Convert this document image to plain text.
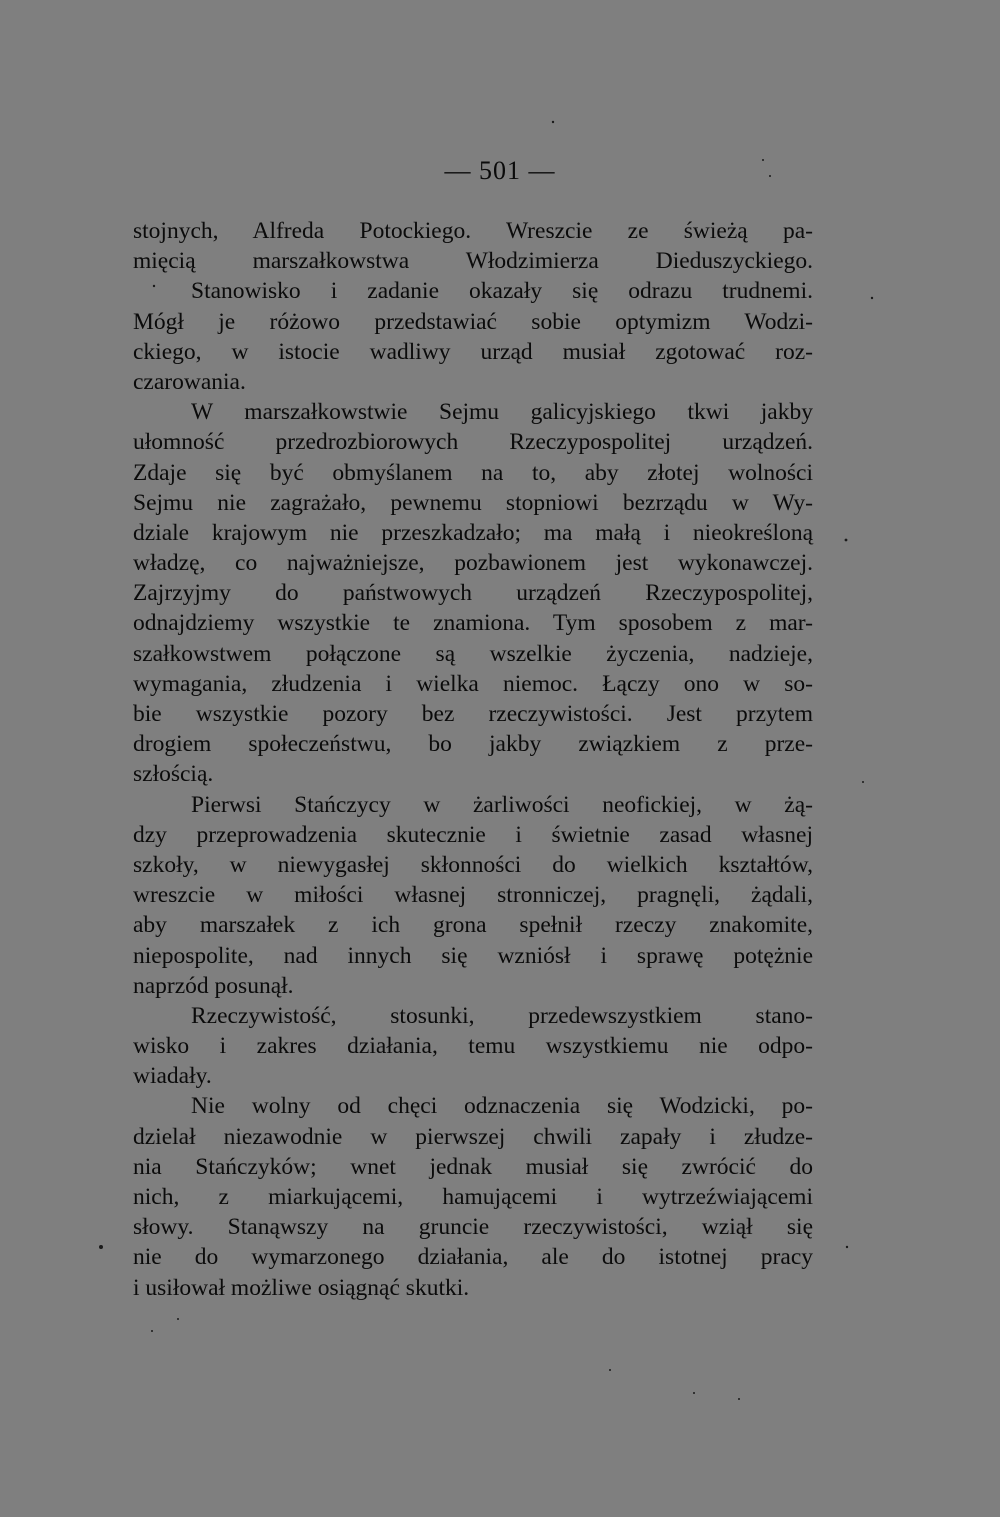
— 501 —
stojnych, Alfreda Potockiego. Wreszcie ze świeżą pa-
mięcią marszałkowstwa Włodzimierza Dieduszyckiego.
Stanowisko i zadanie okazały się odrazu trudnemi.
Mógł je różowo przedstawiać sobie optymizm Wodzi-
ckiego, w istocie wadliwy urząd musiał zgotować roz-
czarowania.
W marszałkowstwie Sejmu galicyjskiego tkwi jakby
ułomność przedrozbiorowych Rzeczypospolitej urządzeń.
Zdaje się być obmyślanem na to, aby złotej wolności
Sejmu nie zagrażało, pewnemu stopniowi bezrządu w Wy-
dziale krajowym nie przeszkadzało; ma małą i nieokreśloną
władzę, co najważniejsze, pozbawionem jest wykonawczej.
Zajrzyjmy do państwowych urządzeń Rzeczypospolitej,
odnajdziemy wszystkie te znamiona. Tym sposobem z mar-
szałkowstwem połączone są wszelkie życzenia, nadzieje,
wymagania, złudzenia i wielka niemoc. Łączy ono w so-
bie wszystkie pozory bez rzeczywistości. Jest przytem
drogiem społeczeństwu, bo jakby związkiem z prze-
szłością.
Pierwsi Stańczycy w żarliwości neofickiej, w żą-
dzy przeprowadzenia skutecznie i świetnie zasad własnej
szkoły, w niewygasłej skłonności do wielkich kształtów,
wreszcie w miłości własnej stronniczej, pragnęli, żądali,
aby marszałek z ich grona spełnił rzeczy znakomite,
niepospolite, nad innych się wzniósł i sprawę potężnie
naprzód posunął.
Rzeczywistość, stosunki, przedewszystkiem stano-
wisko i zakres działania, temu wszystkiemu nie odpo-
wiadały.
Nie wolny od chęci odznaczenia się Wodzicki, po-
dzielał niezawodnie w pierwszej chwili zapały i złudze-
nia Stańczyków; wnet jednak musiał się zwrócić do
nich, z miarkującemi, hamującemi i wytrzeźwiającemi
słowy. Stanąwszy na gruncie rzeczywistości, wziął się
nie do wymarzonego działania, ale do istotnej pracy
i usiłował możliwe osiągnąć skutki.
